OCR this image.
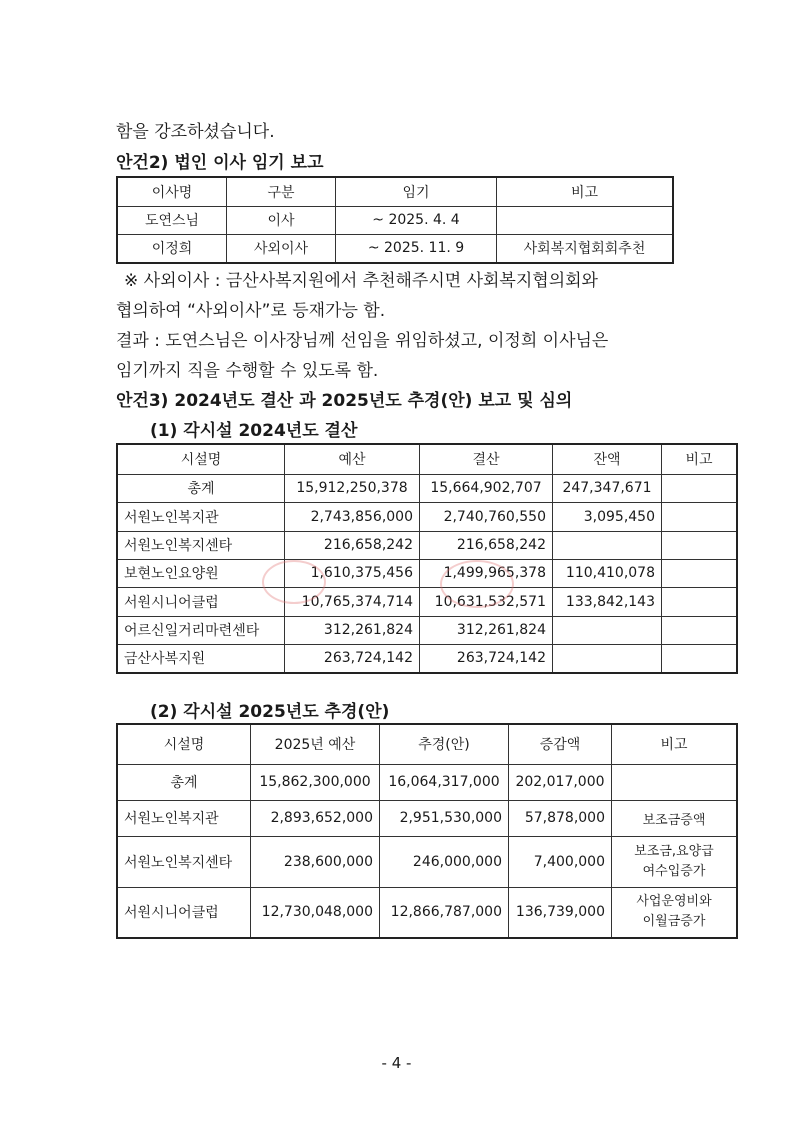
함을 강조하셨습니다.
안건2) 법인 이사 임기 보고
이사명	구분	임기	비고
도연스님	이사	~ 2025. 4. 4	
이정희	사외이사	~ 2025. 11. 9	사회복지협회회추천
※ 사외이사 : 금산사복지원에서 추천해주시면 사회복지협의회와
협의하여 “사외이사”로 등재가능 함.
결과 : 도연스님은 이사장님께 선임을 위임하셨고, 이정희 이사님은
임기까지 직을 수행할 수 있도록 함.
안건3) 2024년도 결산 과 2025년도 추경(안) 보고 및 심의
(1) 각시설 2024년도 결산
시설명	예산	결산	잔액	비고
총계	15,912,250,378	15,664,902,707	247,347,671	
서원노인복지관	2,743,856,000	2,740,760,550	3,095,450	
서원노인복지센타	216,658,242	216,658,242		
보현노인요양원	1,610,375,456	1,499,965,378	110,410,078	
서원시니어클럽	10,765,374,714	10,631,532,571	133,842,143	
어르신일거리마련센타	312,261,824	312,261,824		
금산사복지원	263,724,142	263,724,142		
(2) 각시설 2025년도 추경(안)
시설명	2025년 예산	추경(안)	증감액	비고
총계	15,862,300,000	16,064,317,000	202,017,000	
서원노인복지관	2,893,652,000	2,951,530,000	57,878,000	보조금증액
서원노인복지센타	238,600,000	246,000,000	7,400,000	보조금,요양급
여수입증가

서원시니어클럽	12,730,048,000	12,866,787,000	136,739,000	사업운영비와
이월금증가
- 4 -
